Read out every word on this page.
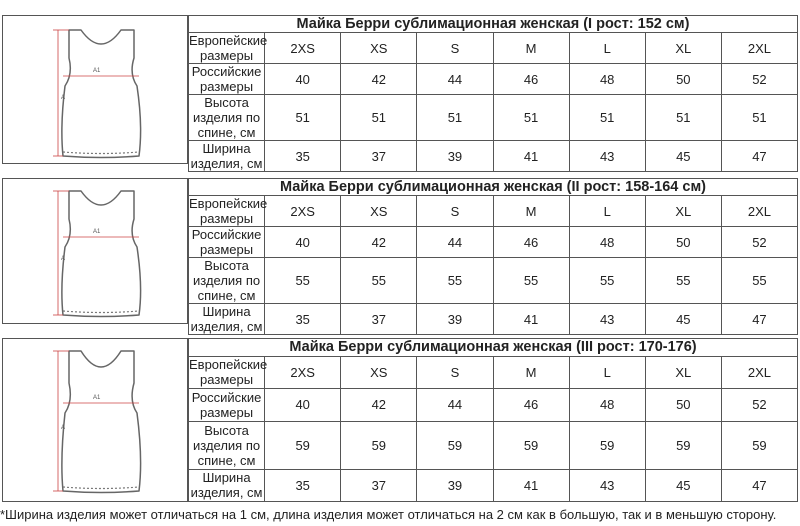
A1
A
Майка Берри сублимационная женская (I рост: 152 см)							
Европейские размеры	2XS	XS	S	M	L	XL	2XL
Российские размеры	40	42	44	46	48	50	52
Высота изделия по спине, см	51	51	51	51	51	51	51
Ширина изделия, см	35	37	39	41	43	45	47
A1
A
Майка Берри сублимационная женская (II рост: 158-164 см)							
Европейские размеры	2XS	XS	S	M	L	XL	2XL
Российские размеры	40	42	44	46	48	50	52
Высота изделия по спине, см	55	55	55	55	55	55	55
Ширина изделия, см	35	37	39	41	43	45	47
A1
A
Майка Берри сублимационная женская (III рост: 170-176)							
Европейские размеры	2XS	XS	S	M	L	XL	2XL
Российские размеры	40	42	44	46	48	50	52
Высота изделия по спине, см	59	59	59	59	59	59	59
Ширина изделия, см	35	37	39	41	43	45	47
*Ширина изделия может отличаться на 1 см, длина изделия может отличаться на 2 см как в большую, так и в меньшую сторону.
